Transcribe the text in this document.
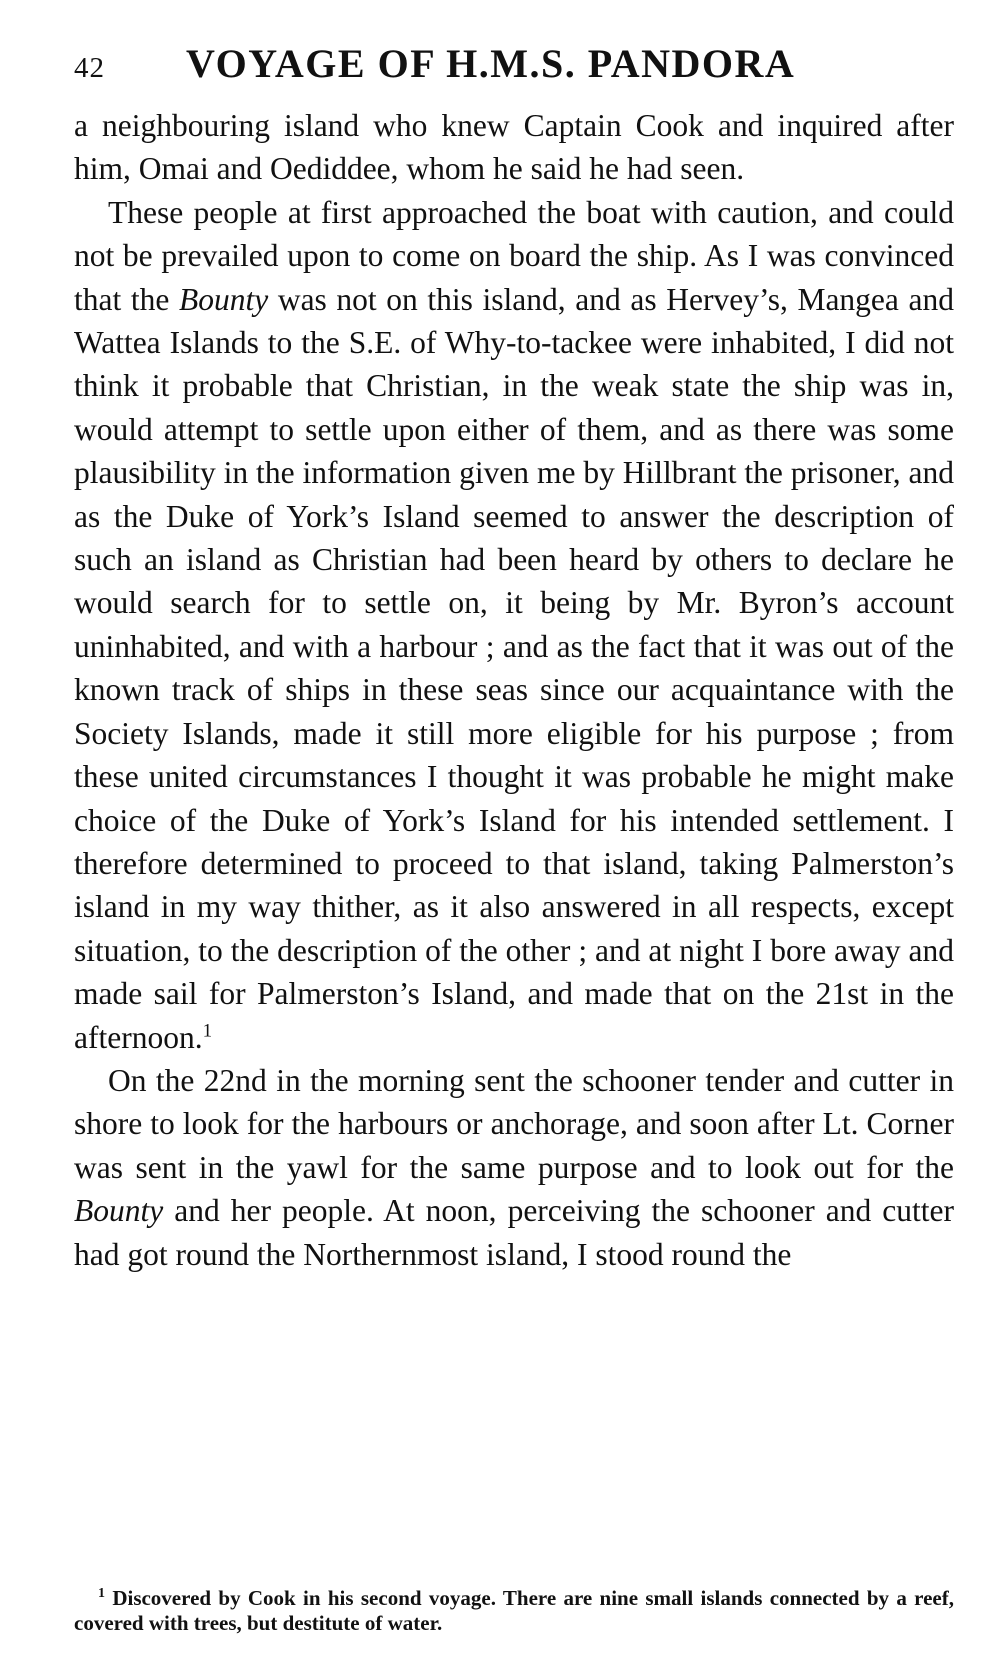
42 VOYAGE OF H.M.S. PANDORA

a neighbouring island who knew Captain Cook and inquired after him, Omai and Oediddee, whom he said he had seen.

These people at first approached the boat with caution, and could not be prevailed upon to come on board the ship. As I was convinced that the Bounty was not on this island, and as Hervey’s, Mangea and Wattea Islands to the S.E. of Why-to-tackee were inhabited, I did not think it probable that Christian, in the weak state the ship was in, would attempt to settle upon either of them, and as there was some plausibility in the information given me by Hillbrant the prisoner, and as the Duke of York’s Island seemed to answer the description of such an island as Christian had been heard by others to declare he would search for to settle on, it being by Mr. Byron’s account uninhabited, and with a harbour ; and as the fact that it was out of the known track of ships in these seas since our acquaintance with the Society Islands, made it still more eligible for his purpose ; from these united circumstances I thought it was probable he might make choice of the Duke of York’s Island for his intended settlement. I therefore determined to proceed to that island, taking Palmerston’s island in my way thither, as it also answered in all respects, except situation, to the description of the other ; and at night I bore away and made sail for Palmerston’s Island, and made that on the 21st in the afternoon.$^1$

On the 22nd in the morning sent the schooner tender and cutter in shore to look for the harbours or anchorage, and soon after Lt. Corner was sent in the yawl for the same purpose and to look out for the Bounty and her people. At noon, perceiving the schooner and cutter had got round the Northernmost island, I stood round the

$^1$ Discovered by Cook in his second voyage. There are nine small islands connected by a reef, covered with trees, but destitute of water.
